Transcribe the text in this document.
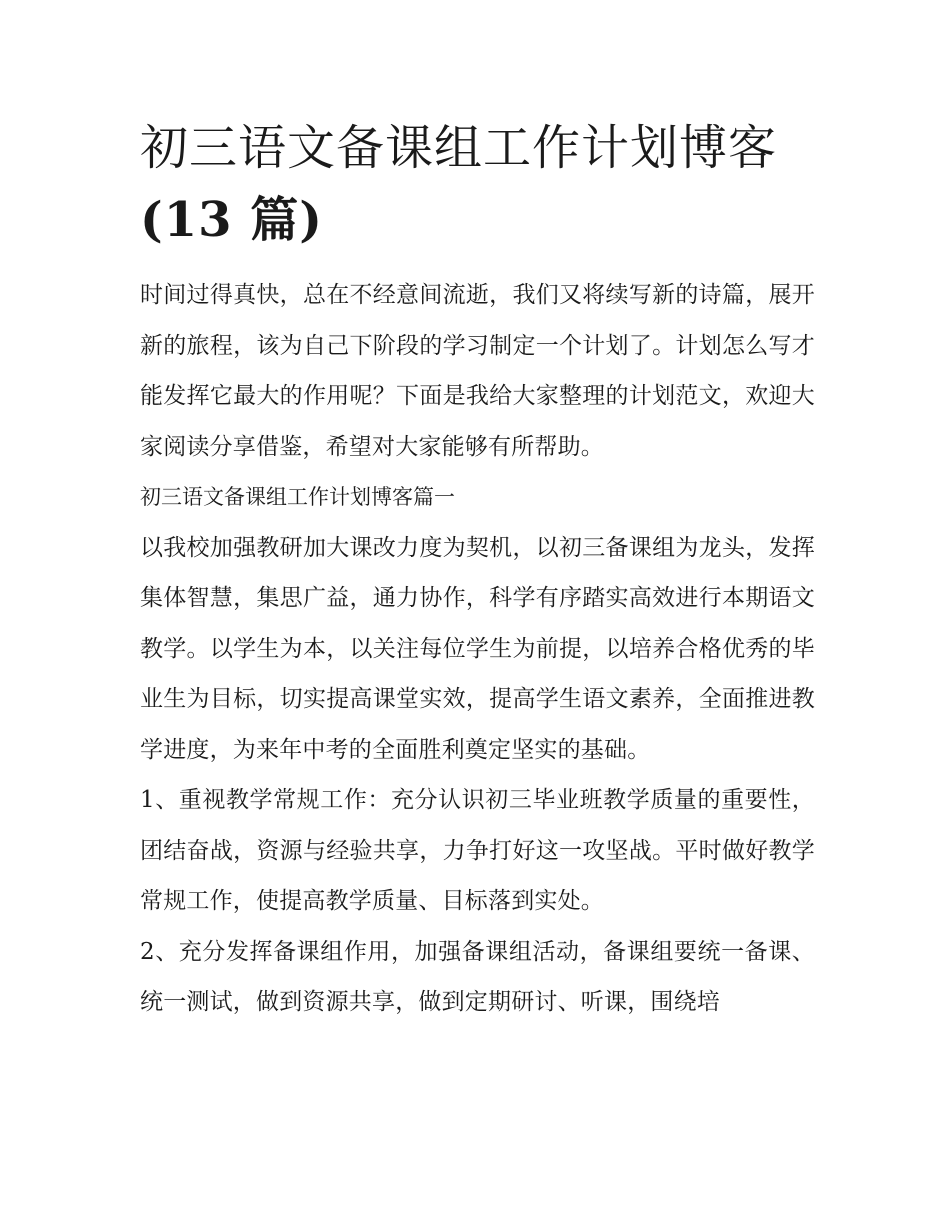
初三语文备课组工作计划博客
(13 篇)

时间过得真快，总在不经意间流逝，我们又将续写新的诗篇，展开新的旅程，该为自己下阶段的学习制定一个计划了。计划怎么写才能发挥它最大的作用呢？下面是我给大家整理的计划范文，欢迎大家阅读分享借鉴，希望对大家能够有所帮助。

初三语文备课组工作计划博客篇一

以我校加强教研加大课改力度为契机，以初三备课组为龙头，发挥集体智慧，集思广益，通力协作，科学有序踏实高效进行本期语文教学。以学生为本，以关注每位学生为前提，以培养合格优秀的毕业生为目标，切实提高课堂实效，提高学生语文素养，全面推进教学进度，为来年中考的全面胜利奠定坚实的基础。

1、重视教学常规工作：充分认识初三毕业班教学质量的重要性，团结奋战，资源与经验共享，力争打好这一攻坚战。平时做好教学常规工作，使提高教学质量、目标落到实处。

2、充分发挥备课组作用，加强备课组活动，备课组要统一备课、统一测试，做到资源共享，做到定期研讨、听课，围绕培
